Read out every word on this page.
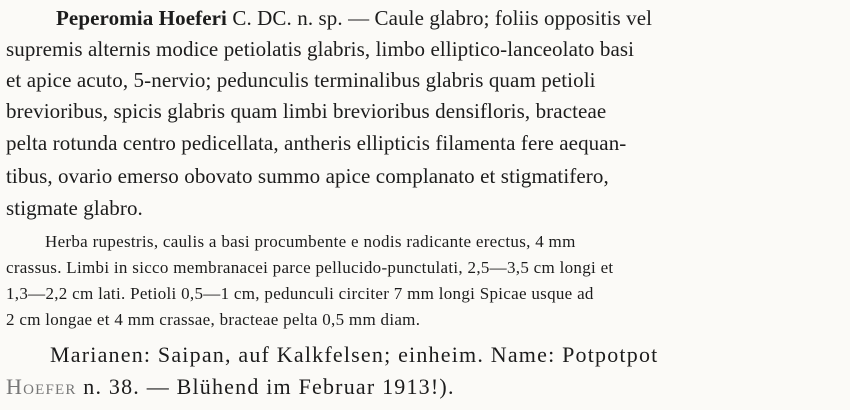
Peperomia Hoeferi C. DC. n. sp. — Caule glabro; foliis oppositis vel
supremis alternis modice petiolatis glabris, limbo elliptico-lanceolato basi
et apice acuto, 5-nervio; pedunculis terminalibus glabris quam petioli
brevioribus, spicis glabris quam limbi brevioribus densifloris, bracteae
pelta rotunda centro pedicellata, antheris ellipticis filamenta fere aequan-
tibus, ovario emerso obovato summo apice complanato et stigmatifero,
stigmate glabro.
Herba rupestris, caulis a basi procumbente e nodis radicante erectus, 4 mm
crassus. Limbi in sicco membranacei parce pellucido-punctulati, 2,5—3,5 cm longi et
1,3—2,2 cm lati. Petioli 0,5—1 cm, pedunculi circiter 7 mm longi Spicae usque ad
2 cm longae et 4 mm crassae, bracteae pelta 0,5 mm diam.
Marianen: Saipan, auf Kalkfelsen; einheim. Name: Potpotpot
Hoefer n. 38. — Blühend im Februar 1913!).
